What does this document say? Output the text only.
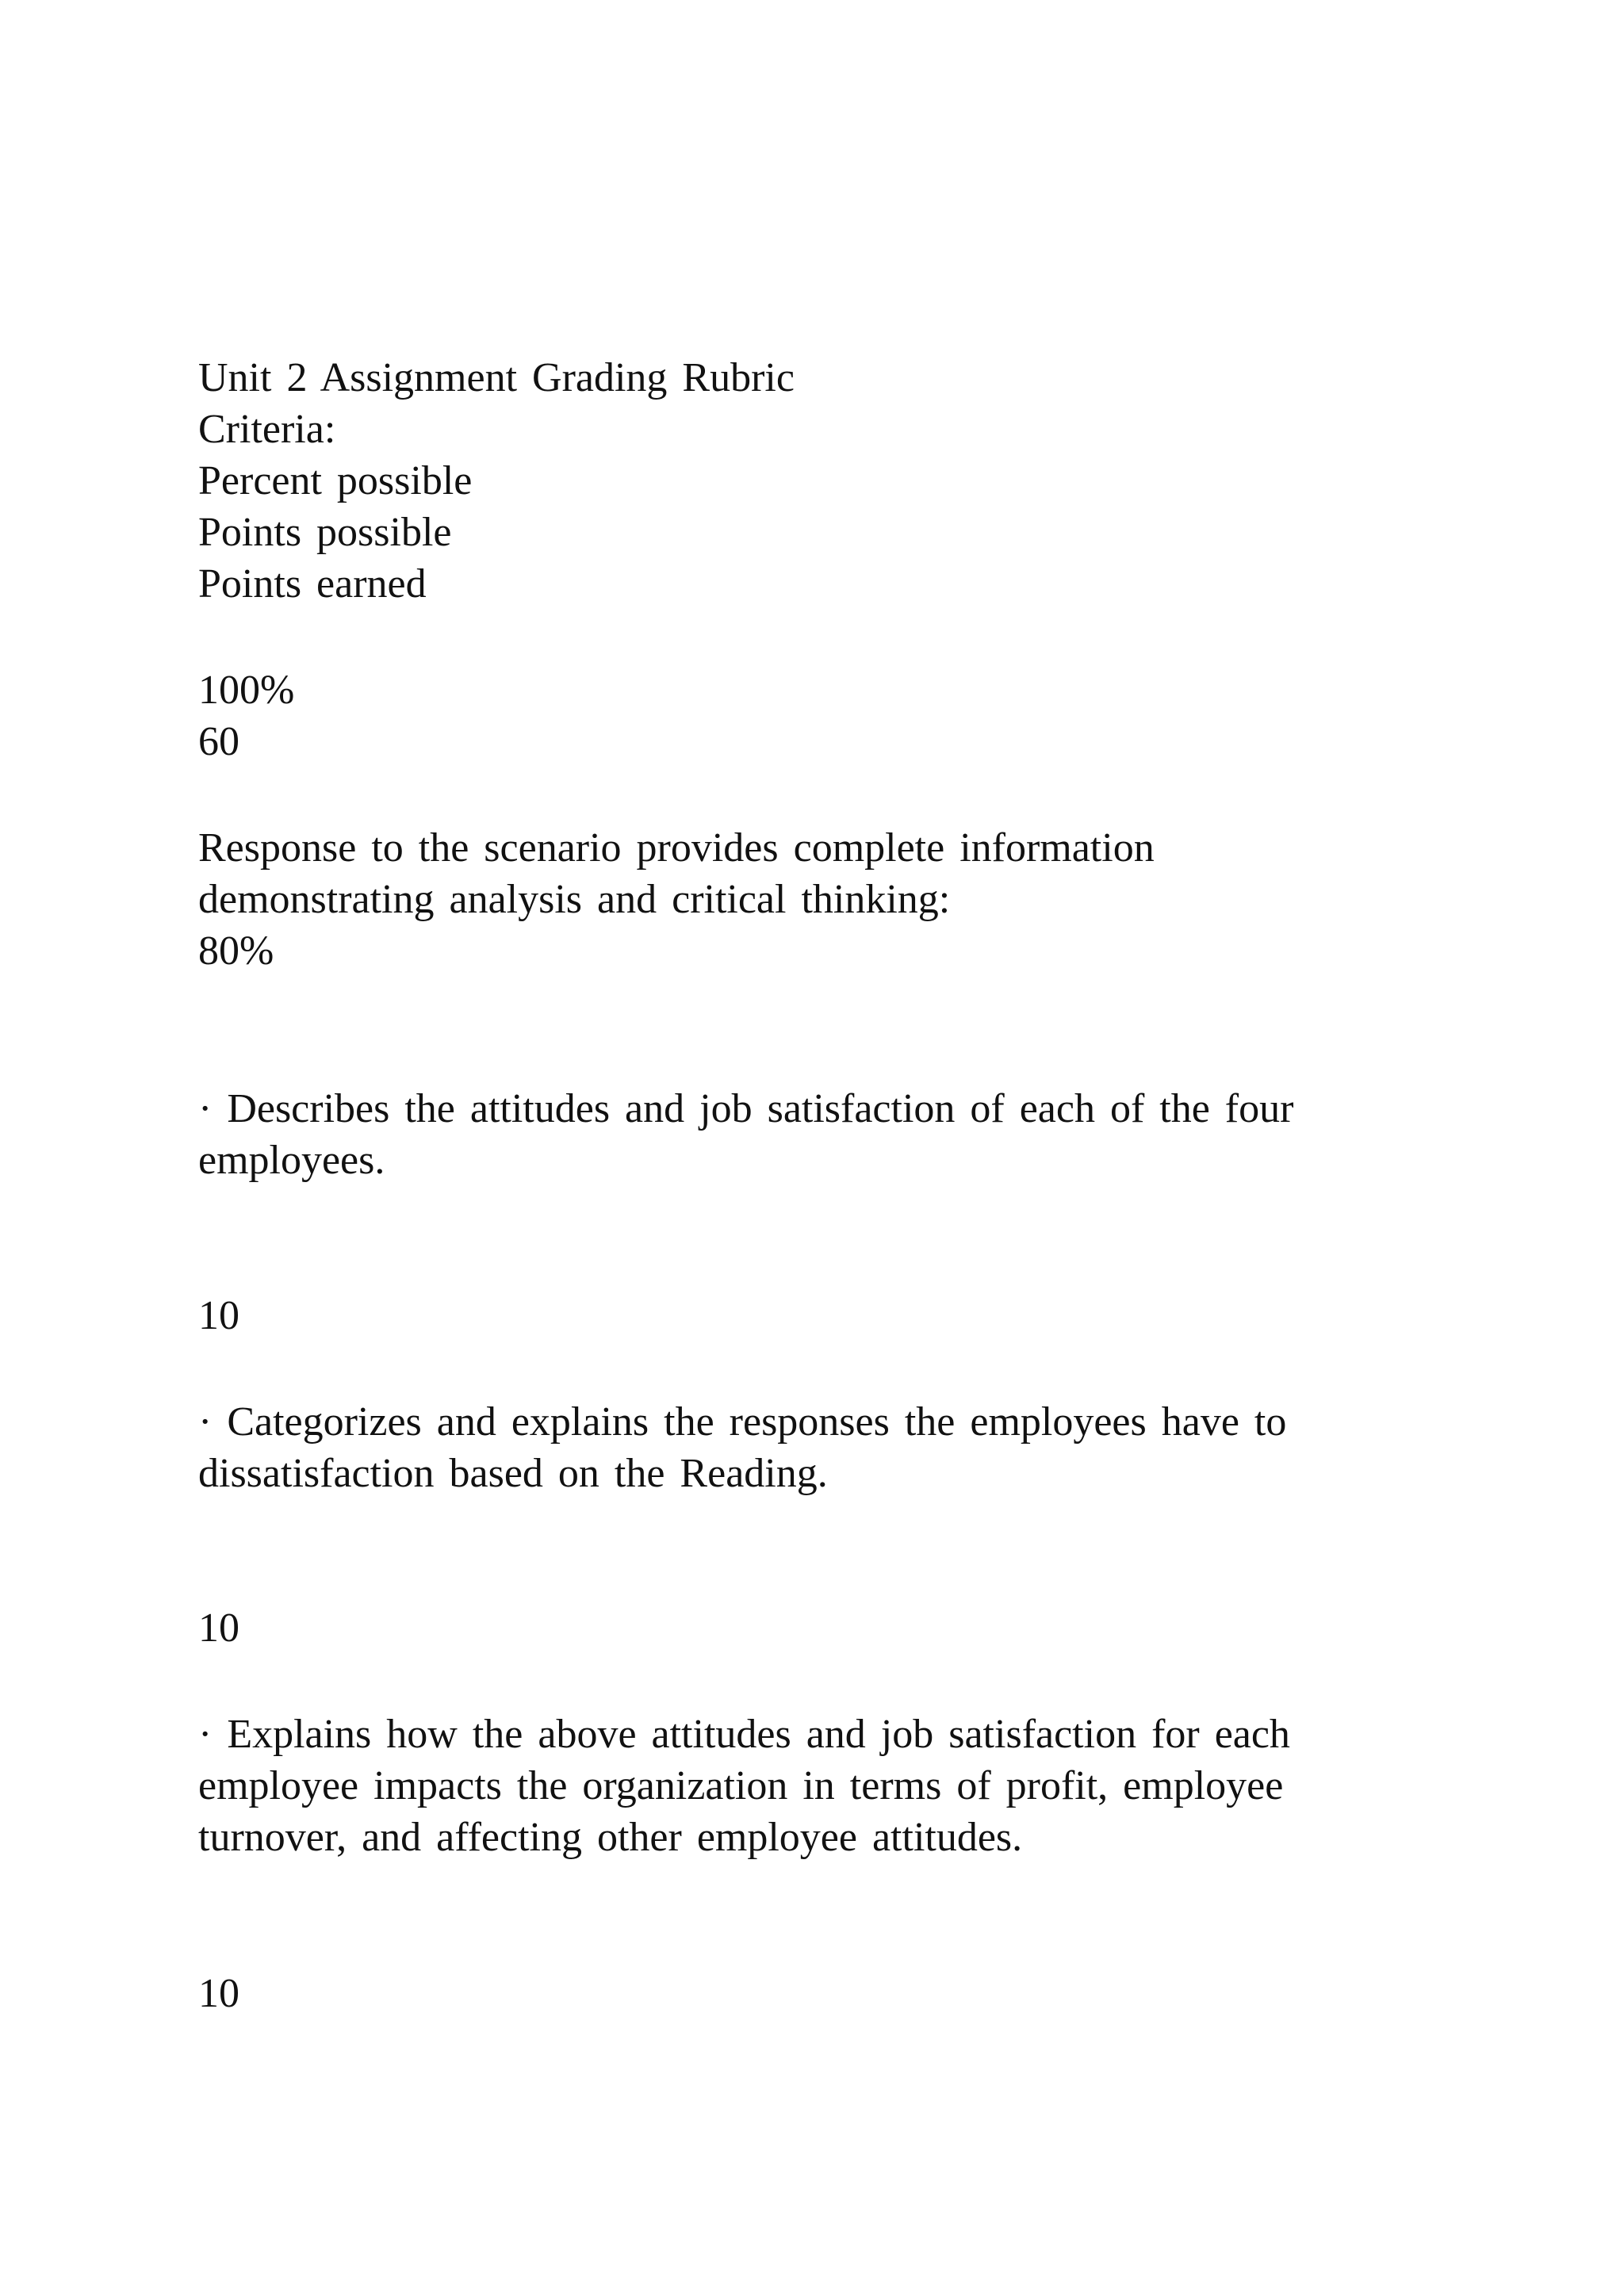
Unit 2 Assignment Grading Rubric

Criteria:

Percent possible

Points possible

Points earned

100%

60

Response to the scenario provides complete information

demonstrating analysis and critical thinking:

80%

· Describes the attitudes and job satisfaction of each of the four

employees.

10

· Categorizes and explains the responses the employees have to

dissatisfaction based on the Reading.

10

· Explains how the above attitudes and job satisfaction for each

employee impacts the organization in terms of profit, employee

turnover, and affecting other employee attitudes.

10
